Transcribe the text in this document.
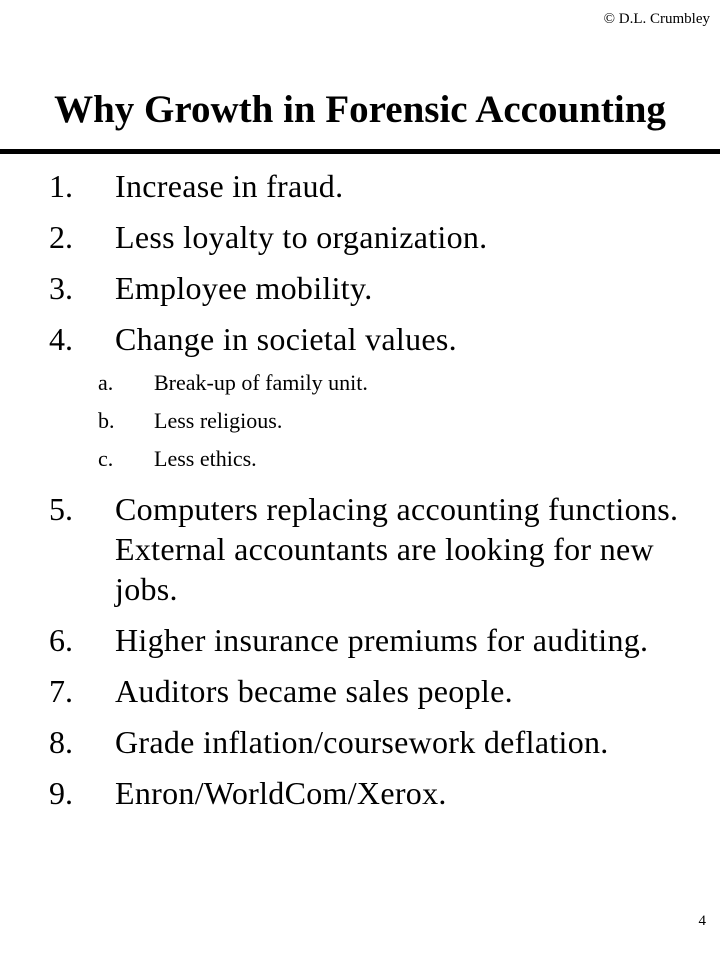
© D.L. Crumbley
Why Growth in Forensic Accounting
1. Increase in fraud.
2. Less loyalty to organization.
3. Employee mobility.
4. Change in societal values.
a. Break-up of family unit.
b. Less religious.
c. Less ethics.
5. Computers replacing accounting functions. External accountants are looking for new jobs.
6. Higher insurance premiums for auditing.
7. Auditors became sales people.
8. Grade inflation/coursework deflation.
9. Enron/WorldCom/Xerox.
4
